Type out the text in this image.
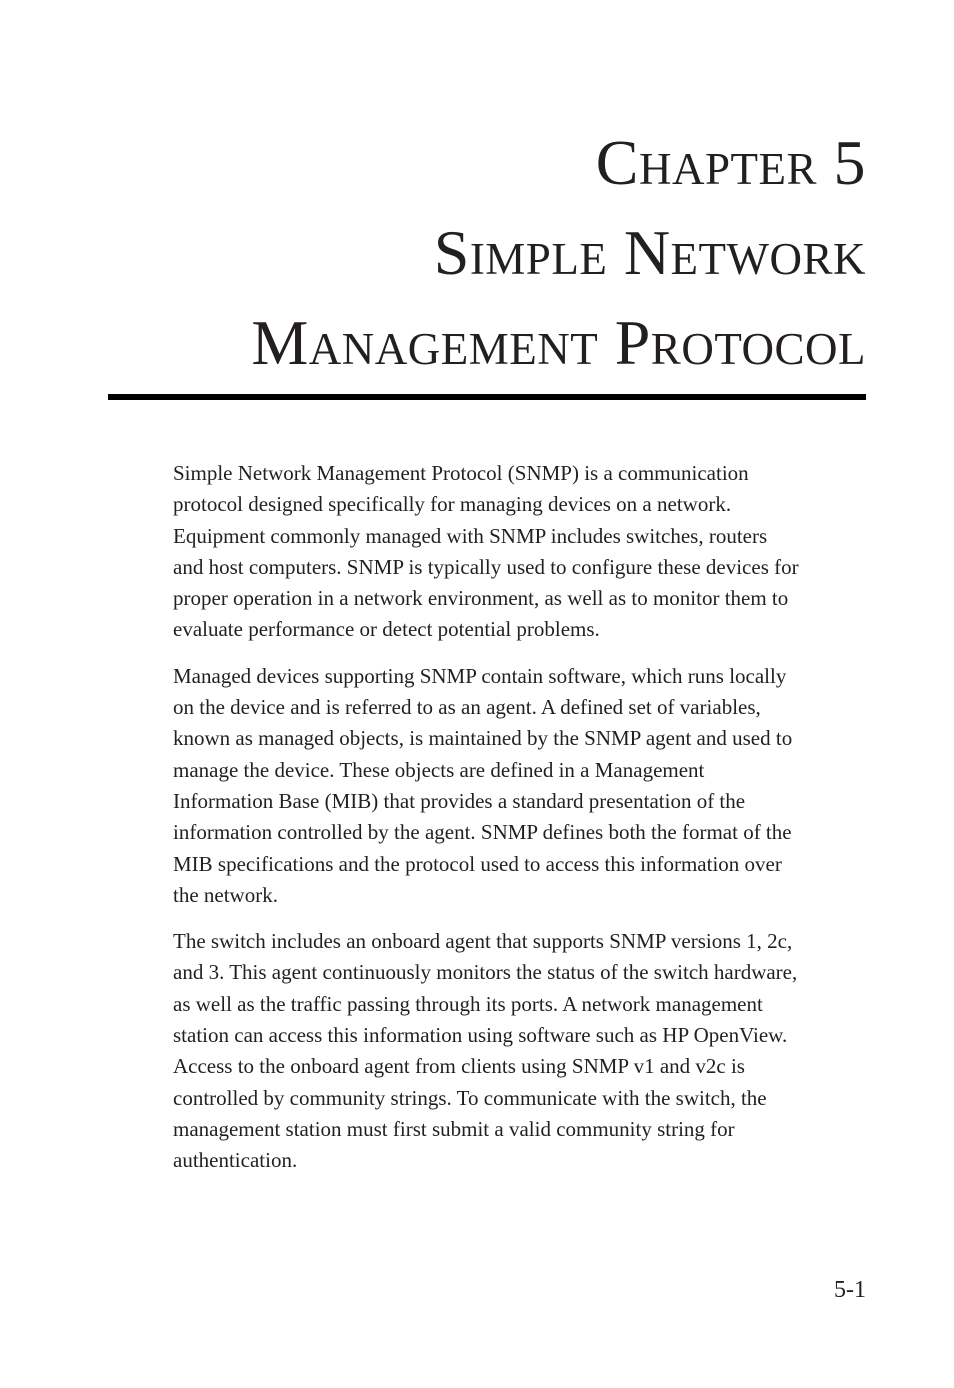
Chapter 5
Simple Network
Management Protocol

Simple Network Management Protocol (SNMP) is a communication
protocol designed specifically for managing devices on a network.
Equipment commonly managed with SNMP includes switches, routers
and host computers. SNMP is typically used to configure these devices for
proper operation in a network environment, as well as to monitor them to
evaluate performance or detect potential problems.

Managed devices supporting SNMP contain software, which runs locally
on the device and is referred to as an agent. A defined set of variables,
known as managed objects, is maintained by the SNMP agent and used to
manage the device. These objects are defined in a Management
Information Base (MIB) that provides a standard presentation of the
information controlled by the agent. SNMP defines both the format of the
MIB specifications and the protocol used to access this information over
the network.

The switch includes an onboard agent that supports SNMP versions 1, 2c,
and 3. This agent continuously monitors the status of the switch hardware,
as well as the traffic passing through its ports. A network management
station can access this information using software such as HP OpenView.
Access to the onboard agent from clients using SNMP v1 and v2c is
controlled by community strings. To communicate with the switch, the
management station must first submit a valid community string for
authentication.

5-1
